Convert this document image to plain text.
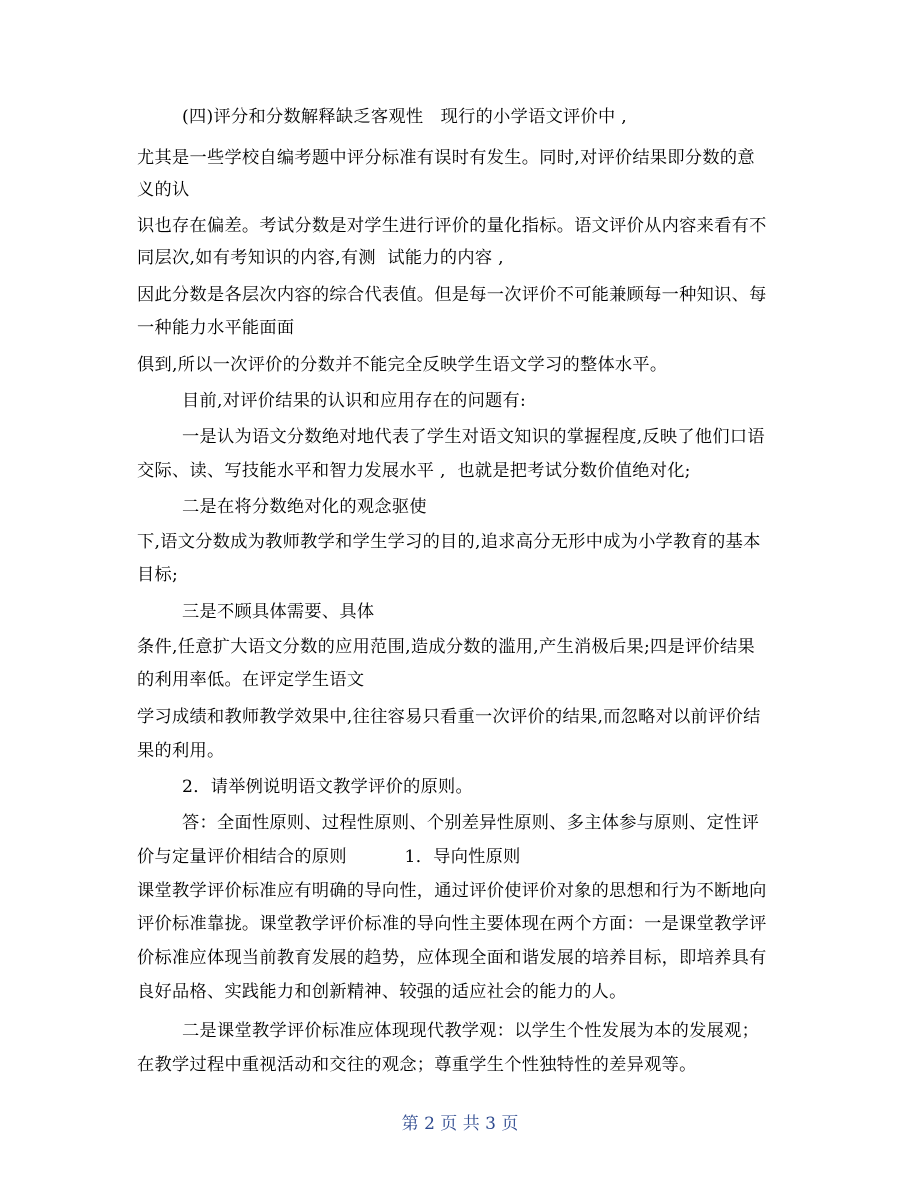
(四)评分和分数解释缺乏客观性   现行的小学语文评价中 ,
尤其是一些学校自编考题中评分标准有误时有发生。同时,对评价结果即分数的意
义的认
识也存在偏差。考试分数是对学生进行评价的量化指标。语文评价从内容来看有不
同层次,如有考知识的内容,有测  试能力的内容 ,
因此分数是各层次内容的综合代表值。但是每一次评价不可能兼顾每一种知识、每
一种能力水平能面面
俱到,所以一次评价的分数并不能完全反映学生语文学习的整体水平。
目前,对评价结果的认识和应用存在的问题有:
一是认为语文分数绝对地代表了学生对语文知识的掌握程度,反映了他们口语
交际、读、写技能水平和智力发展水平 ,  也就是把考试分数价值绝对化;
二是在将分数绝对化的观念驱使
下,语文分数成为教师教学和学生学习的目的,追求高分无形中成为小学教育的基本
目标;
三是不顾具体需要、具体
条件,任意扩大语文分数的应用范围,造成分数的滥用,产生消极后果;四是评价结果
的利用率低。在评定学生语文
学习成绩和教师教学效果中,往往容易只看重一次评价的结果,而忽略对以前评价结
果的利用。
2．请举例说明语文教学评价的原则。
答：全面性原则、过程性原则、个别差异性原则、多主体参与原则、定性评
价与定量评价相结合的原则          1．导向性原则
课堂教学评价标准应有明确的导向性，通过评价使评价对象的思想和行为不断地向
评价标准靠拢。课堂教学评价标准的导向性主要体现在两个方面：一是课堂教学评
价标准应体现当前教育发展的趋势，应体现全面和谐发展的培养目标，即培养具有
良好品格、实践能力和创新精神、较强的适应社会的能力的人。
二是课堂教学评价标准应体现现代教学观：以学生个性发展为本的发展观；
在教学过程中重视活动和交往的观念；尊重学生个性独特性的差异观等。
第 2 页 共 3 页
